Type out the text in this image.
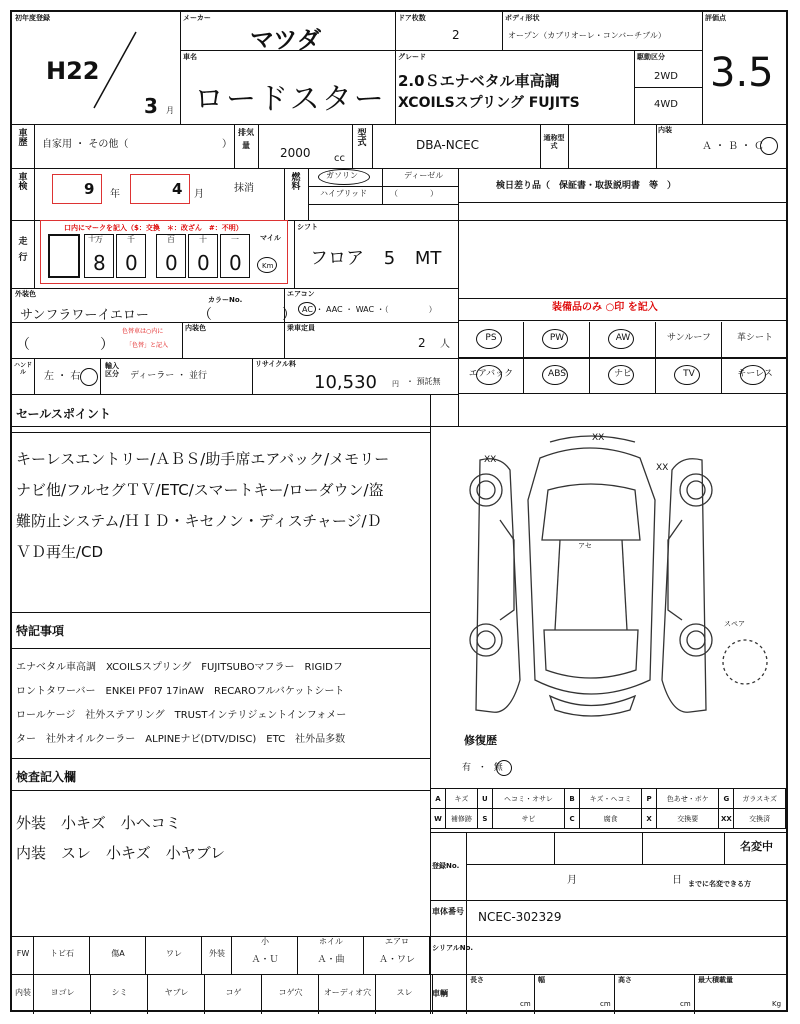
初年度登録
H22
3 月
メーカー
マツダ
車名
ロードスター
ドア枚数
2
ボディ形状
オープン（カブリオーレ・コンバーチブル）
グレード
2.0Ｓエナベタル車高調
XCOILSスプリング FUJITS
駆動区分
2WD
4WD
評価点
3.5
車歴	自家用 ・ その他（	）
排気量
2000 cc
型式	DBA-NCEC	通称型式
内装
Ａ・Ｂ・Ｃ
車検	9 年	4 月
抹消
燃料
ガソリン	ディーゼル
ハイブリッド	（　　　　）
検日差り品（　保証書・取扱説明書　等　）
走行
口内にマークを記入（$：交換　＊：改ざん　#：不明）
万
8
千
0
百
0
十
0
一
0
十	マイル
Km
シフト
フロア 5 MT
外装色
サンフラワーイエロー
カラーNo.
（　　　　　）
（　　　　　）
色替車は○内に
「色替」と記入
内装色
エアコン
AC ・ AAC ・ WAC ・（　　　　　）
乗車定員
2 人
装備品のみ ○印 を記入
PS	PW	AW	サンルーフ	革シート
エアバック	ABS	ナビ	TV	キーレス
ハンドル	左 ・ 右
輸入区分	ディーラー ・ 並行
リサイクル料
10,530 円 ・ 預託無
セールスポイント
キーレスエントリー/ＡＢＳ/助手席エアバック/メモリー
ナビ他/フルセグＴＶ/ETC/スマートキー/ローダウン/盗
難防止システム/ＨＩＤ・キセノン・ディスチャージ/Ｄ
ＶＤ再生/CD
特記事項
エナベタル車高調　XCOILSスプリング　FUJITSUBOマフラー　RIGIDフ
ロントタワーバー　ENKEI PF07 17inAW　RECAROフルバケットシート
ロールケージ　社外ステアリング　TRUSTインテリジェントインフォメー
ター　社外オイルクーラー　ALPINEナビ(DTV/DISC)　ETC　社外品多数
検査記入欄
外装　小キズ　小ヘコミ
内装　スレ　小キズ　小ヤブレ
XX
XX
XX
アセ
スペア
修復歴
有 ・ 無
A	キズ	U	ヘコミ・オサレ	B	キズ・ヘコミ	P	色あせ・ボケ	G	ガラスキズ
W	補修跡	S	サビ	C	腐食	X	交換要	XX	交換済
登録No.
名変中
月	日 までに名変できる方
車体番号 NCEC-302329
シリアルNo.
FW	トビ石	傷A	ワレ	外装
小
Ａ・Ｕ
ホイル
Ａ・曲
エアロ
Ａ・ワレ
内装	ヨゴレ	シミ	ヤブレ	コゲ	コゲ穴	オーディオ穴	スレ	車輌
長さ
cm
幅
cm
高さ
cm
最大積載量
Kg
